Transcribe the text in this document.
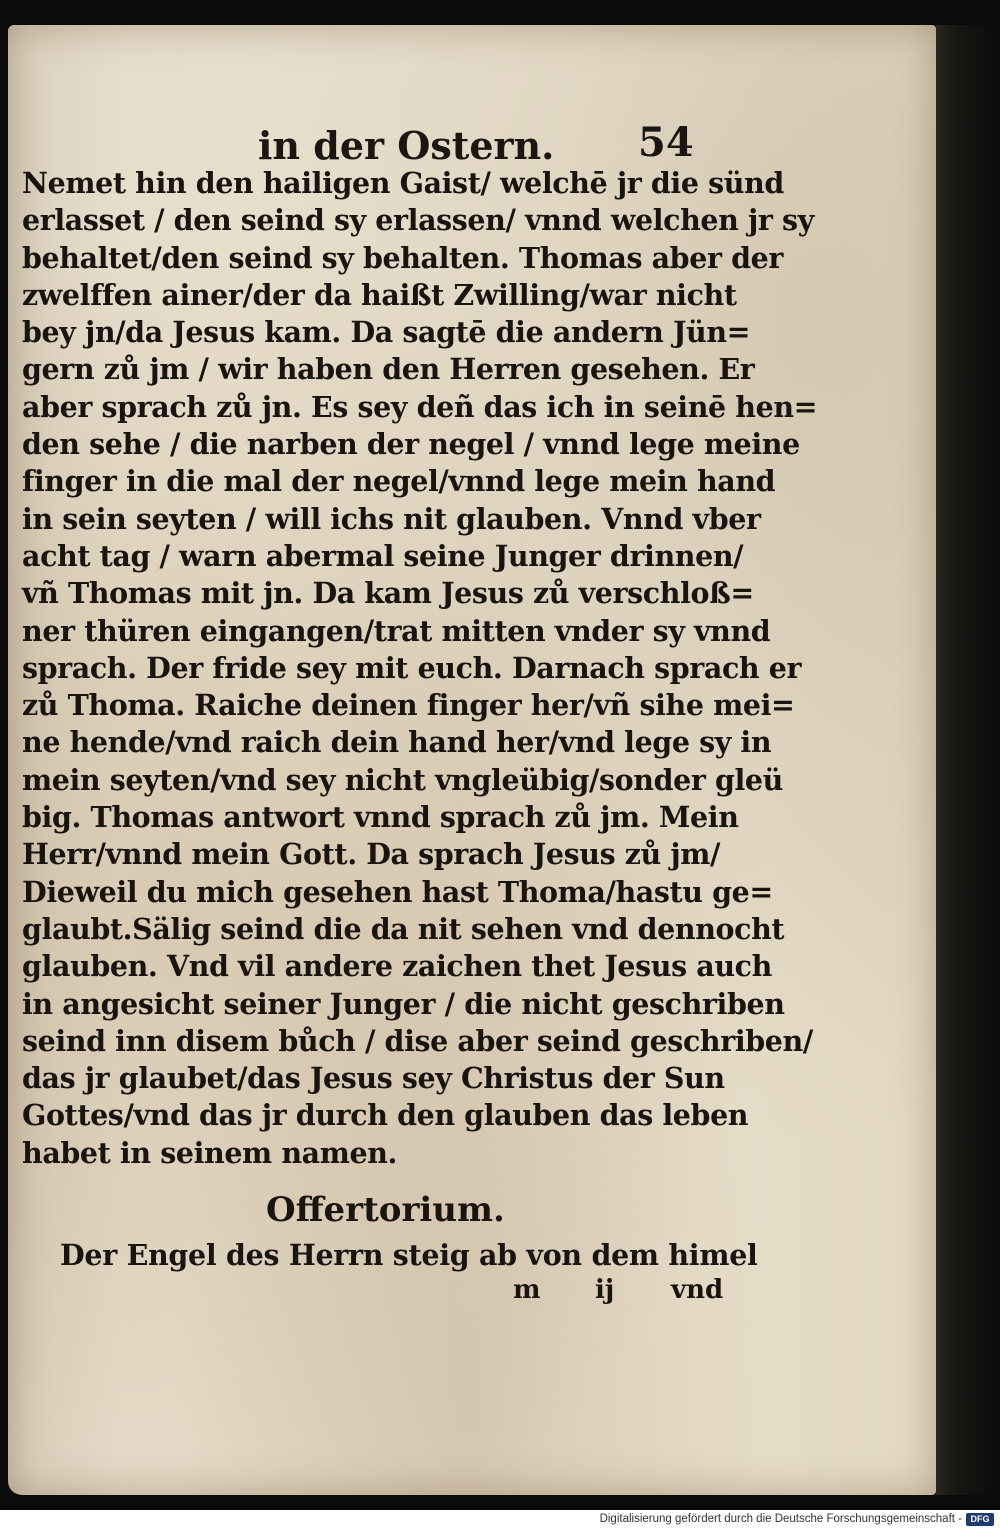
in der Ostern. 54
Nemet hin den hailigen Gaist/ welchē jr die sünd
erlasset / den seind sy erlassen/ vnnd welchen jr sy
behaltet/den seind sy behalten. Thomas aber der
zwelffen ainer/der da haißt Zwilling/war nicht
bey jn/da Jesus kam. Da sagtē die andern Jün=
gern zů jm / wir haben den Herren gesehen. Er
aber sprach zů jn. Es sey deñ das ich in seinē hen=
den sehe / die narben der negel / vnnd lege meine
finger in die mal der negel/vnnd lege mein hand
in sein seyten / will ichs nit glauben. Vnnd vber
acht tag / warn abermal seine Junger drinnen/
vñ Thomas mit jn. Da kam Jesus zů verschloß=
ner thüren eingangen/trat mitten vnder sy vnnd
sprach. Der fride sey mit euch. Darnach sprach er
zů Thoma. Raiche deinen finger her/vñ sihe mei=
ne hende/vnd raich dein hand her/vnd lege sy in
mein seyten/vnd sey nicht vngleübig/sonder gleü
big. Thomas antwort vnnd sprach zů jm. Mein
Herr/vnnd mein Gott. Da sprach Jesus zů jm/
Dieweil du mich gesehen hast Thoma/hastu ge=
glaubt.Sälig seind die da nit sehen vnd dennocht
glauben. Vnd vil andere zaichen thet Jesus auch
in angesicht seiner Junger / die nicht geschriben
seind inn disem bůch / dise aber seind geschriben/
das jr glaubet/das Jesus sey Christus der Sun
Gottes/vnd das jr durch den glauben das leben
habet in seinem namen.
Offertorium.
Der Engel des Herrn steig ab von dem himel
m ij vnd
Digitalisierung gefördert durch die Deutsche Forschungsgemeinschaft - DFG
